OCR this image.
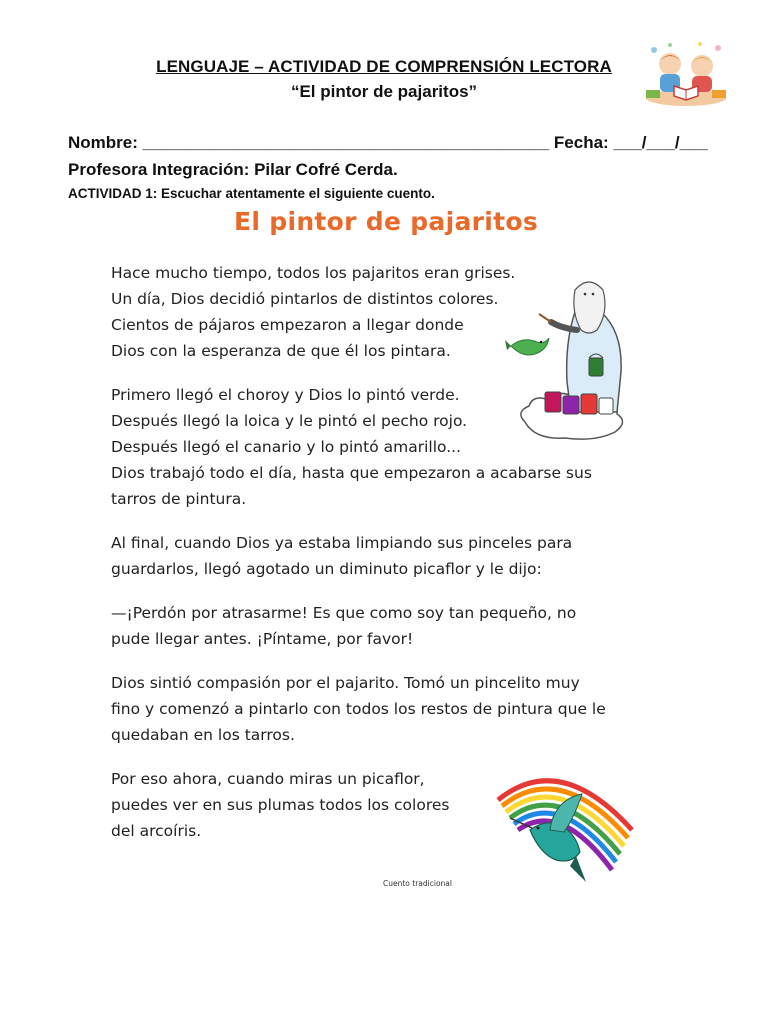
LENGUAJE – ACTIVIDAD DE COMPRENSIÓN LECTORA
“El pintor de pajaritos”
Nombre: ___________________________________________ Fecha: ___/___/___
Profesora Integración: Pilar Cofré Cerda.
ACTIVIDAD 1: Escuchar atentamente el siguiente cuento.
El pintor de pajaritos

Hace mucho tiempo, todos los pajaritos eran grises.
Un día, Dios decidió pintarlos de distintos colores.
Cientos de pájaros empezaron a llegar donde
Dios con la esperanza de que él los pintara.

Primero llegó el choroy y Dios lo pintó verde.
Después llegó la loica y le pintó el pecho rojo.
Después llegó el canario y lo pintó amarillo...
Dios trabajó todo el día, hasta que empezaron a acabarse sus
tarros de pintura.

Al final, cuando Dios ya estaba limpiando sus pinceles para
guardarlos, llegó agotado un diminuto picaflor y le dijo:

—¡Perdón por atrasarme! Es que como soy tan pequeño, no
pude llegar antes. ¡Píntame, por favor!

Dios sintió compasión por el pajarito. Tomó un pincelito muy
fino y comenzó a pintarlo con todos los restos de pintura que le
quedaban en los tarros.

Por eso ahora, cuando miras un picaflor,
puedes ver en sus plumas todos los colores
del arcoíris.

Cuento tradicional
